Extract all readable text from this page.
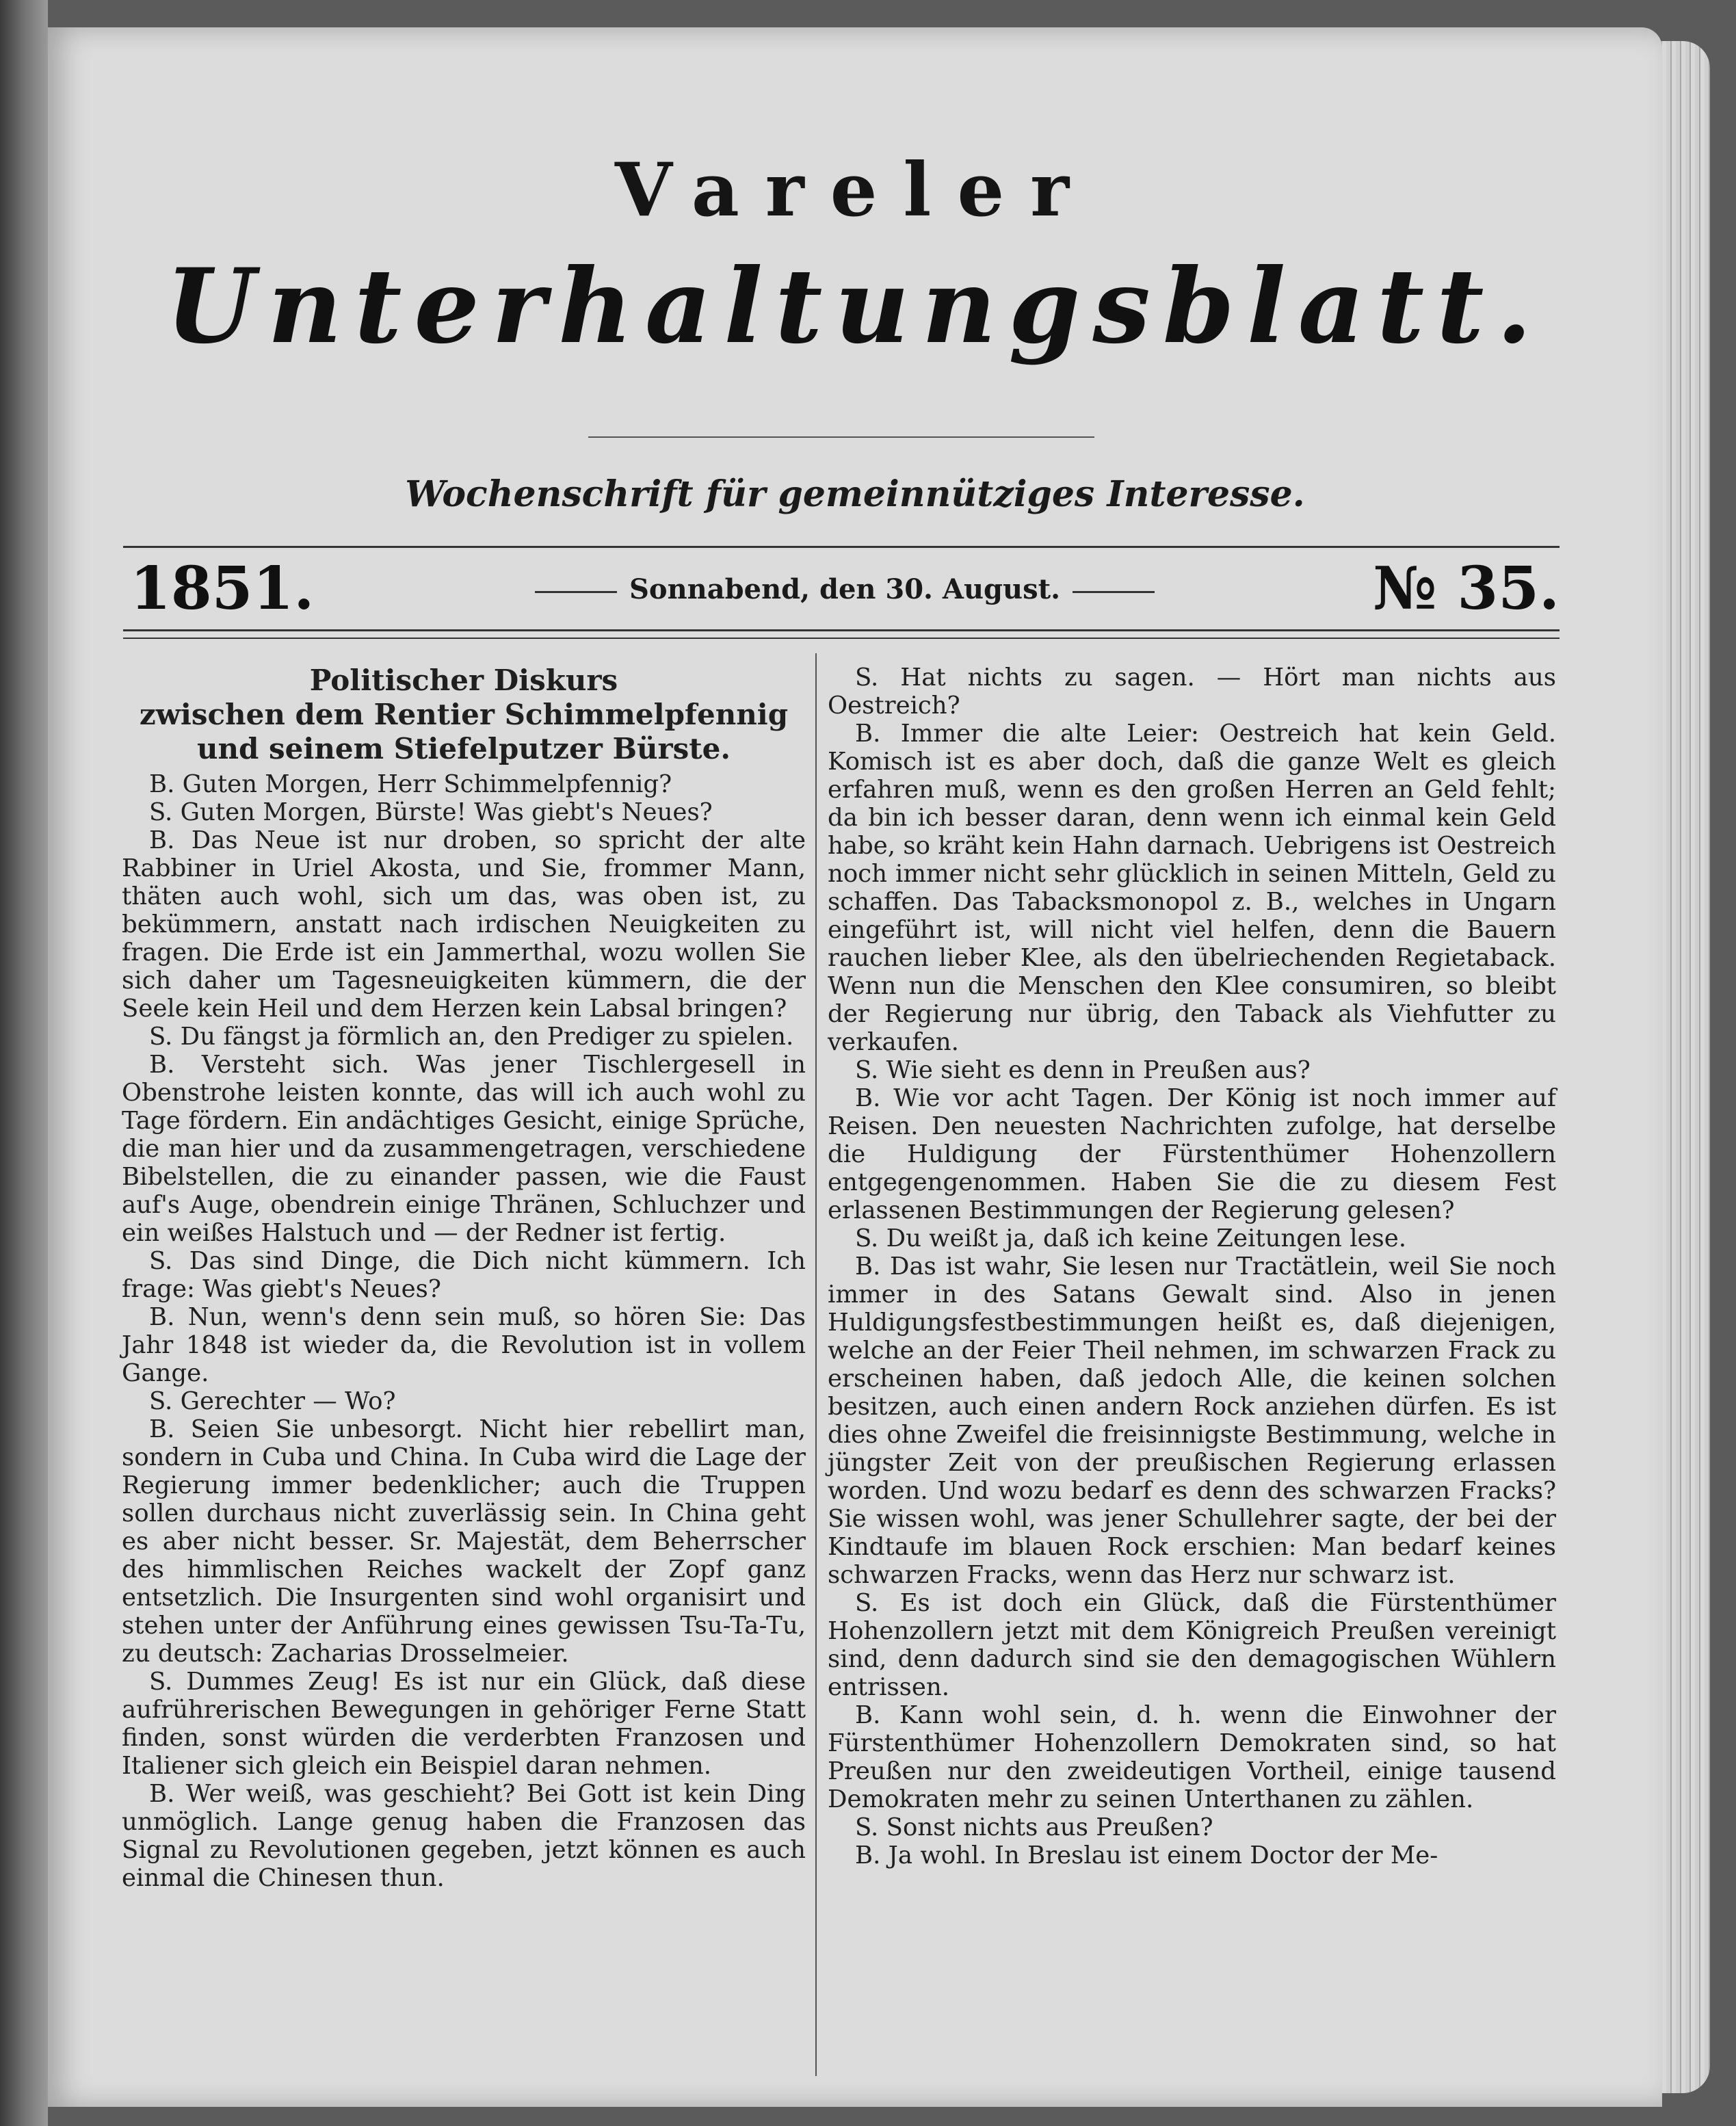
Vareler
Unterhaltungsblatt.
Wochenschrift für gemeinnütziges Interesse.
1851.	Sonnabend, den 30. August.	№ 35.
Politischer Diskurs
zwischen dem Rentier Schimmelpfennig
und seinem Stiefelputzer Bürste.

B. Guten Morgen, Herr Schimmelpfennig?

S. Guten Morgen, Bürste! Was giebt's Neues?

B. Das Neue ist nur droben, so spricht der alte Rabbiner in Uriel Akosta, und Sie, frommer Mann, thäten auch wohl, sich um das, was oben ist, zu bekümmern, anstatt nach irdischen Neuigkeiten zu fragen. Die Erde ist ein Jammerthal, wozu wollen Sie sich daher um Tagesneuigkeiten kümmern, die der Seele kein Heil und dem Herzen kein Labsal bringen?

S. Du fängst ja förmlich an, den Prediger zu spielen.

B. Versteht sich. Was jener Tischlergesell in Obenstrohe leisten konnte, das will ich auch wohl zu Tage fördern. Ein andächtiges Gesicht, einige Sprüche, die man hier und da zusammengetragen, verschiedene Bibelstellen, die zu einander passen, wie die Faust auf's Auge, obendrein einige Thränen, Schluchzer und ein weißes Halstuch und — der Redner ist fertig.

S. Das sind Dinge, die Dich nicht kümmern. Ich frage: Was giebt's Neues?

B. Nun, wenn's denn sein muß, so hören Sie: Das Jahr 1848 ist wieder da, die Revolution ist in vollem Gange.

S. Gerechter — Wo?

B. Seien Sie unbesorgt. Nicht hier rebellirt man, sondern in Cuba und China. In Cuba wird die Lage der Regierung immer bedenklicher; auch die Truppen sollen durchaus nicht zuverlässig sein. In China geht es aber nicht besser. Sr. Majestät, dem Beherrscher des himmlischen Reiches wackelt der Zopf ganz entsetzlich. Die Insurgenten sind wohl organisirt und stehen unter der Anführung eines gewissen Tsu-Ta-Tu, zu deutsch: Zacharias Drosselmeier.

S. Dummes Zeug! Es ist nur ein Glück, daß diese aufrührerischen Bewegungen in gehöriger Ferne Statt finden, sonst würden die verderbten Franzosen und Italiener sich gleich ein Beispiel daran nehmen.

B. Wer weiß, was geschieht? Bei Gott ist kein Ding unmöglich. Lange genug haben die Franzosen das Signal zu Revolutionen gegeben, jetzt können es auch einmal die Chinesen thun.

S. Hat nichts zu sagen. — Hört man nichts aus Oestreich?

B. Immer die alte Leier: Oestreich hat kein Geld. Komisch ist es aber doch, daß die ganze Welt es gleich erfahren muß, wenn es den großen Herren an Geld fehlt; da bin ich besser daran, denn wenn ich einmal kein Geld habe, so kräht kein Hahn darnach. Uebrigens ist Oestreich noch immer nicht sehr glücklich in seinen Mitteln, Geld zu schaffen. Das Tabacksmonopol z. B., welches in Ungarn eingeführt ist, will nicht viel helfen, denn die Bauern rauchen lieber Klee, als den übelriechenden Regietaback. Wenn nun die Menschen den Klee consumiren, so bleibt der Regierung nur übrig, den Taback als Viehfutter zu verkaufen.

S. Wie sieht es denn in Preußen aus?

B. Wie vor acht Tagen. Der König ist noch immer auf Reisen. Den neuesten Nachrichten zufolge, hat derselbe die Huldigung der Fürstenthümer Hohenzollern entgegengenommen. Haben Sie die zu diesem Fest erlassenen Bestimmungen der Regierung gelesen?

S. Du weißt ja, daß ich keine Zeitungen lese.

B. Das ist wahr, Sie lesen nur Tractätlein, weil Sie noch immer in des Satans Gewalt sind. Also in jenen Huldigungsfestbestimmungen heißt es, daß diejenigen, welche an der Feier Theil nehmen, im schwarzen Frack zu erscheinen haben, daß jedoch Alle, die keinen solchen besitzen, auch einen andern Rock anziehen dürfen. Es ist dies ohne Zweifel die freisinnigste Bestimmung, welche in jüngster Zeit von der preußischen Regierung erlassen worden. Und wozu bedarf es denn des schwarzen Fracks? Sie wissen wohl, was jener Schullehrer sagte, der bei der Kindtaufe im blauen Rock erschien: Man bedarf keines schwarzen Fracks, wenn das Herz nur schwarz ist.

S. Es ist doch ein Glück, daß die Fürstenthümer Hohenzollern jetzt mit dem Königreich Preußen vereinigt sind, denn dadurch sind sie den demagogischen Wühlern entrissen.

B. Kann wohl sein, d. h. wenn die Einwohner der Fürstenthümer Hohenzollern Demokraten sind, so hat Preußen nur den zweideutigen Vortheil, einige tausend Demokraten mehr zu seinen Unterthanen zu zählen.

S. Sonst nichts aus Preußen?

B. Ja wohl. In Breslau ist einem Doctor der Me-
